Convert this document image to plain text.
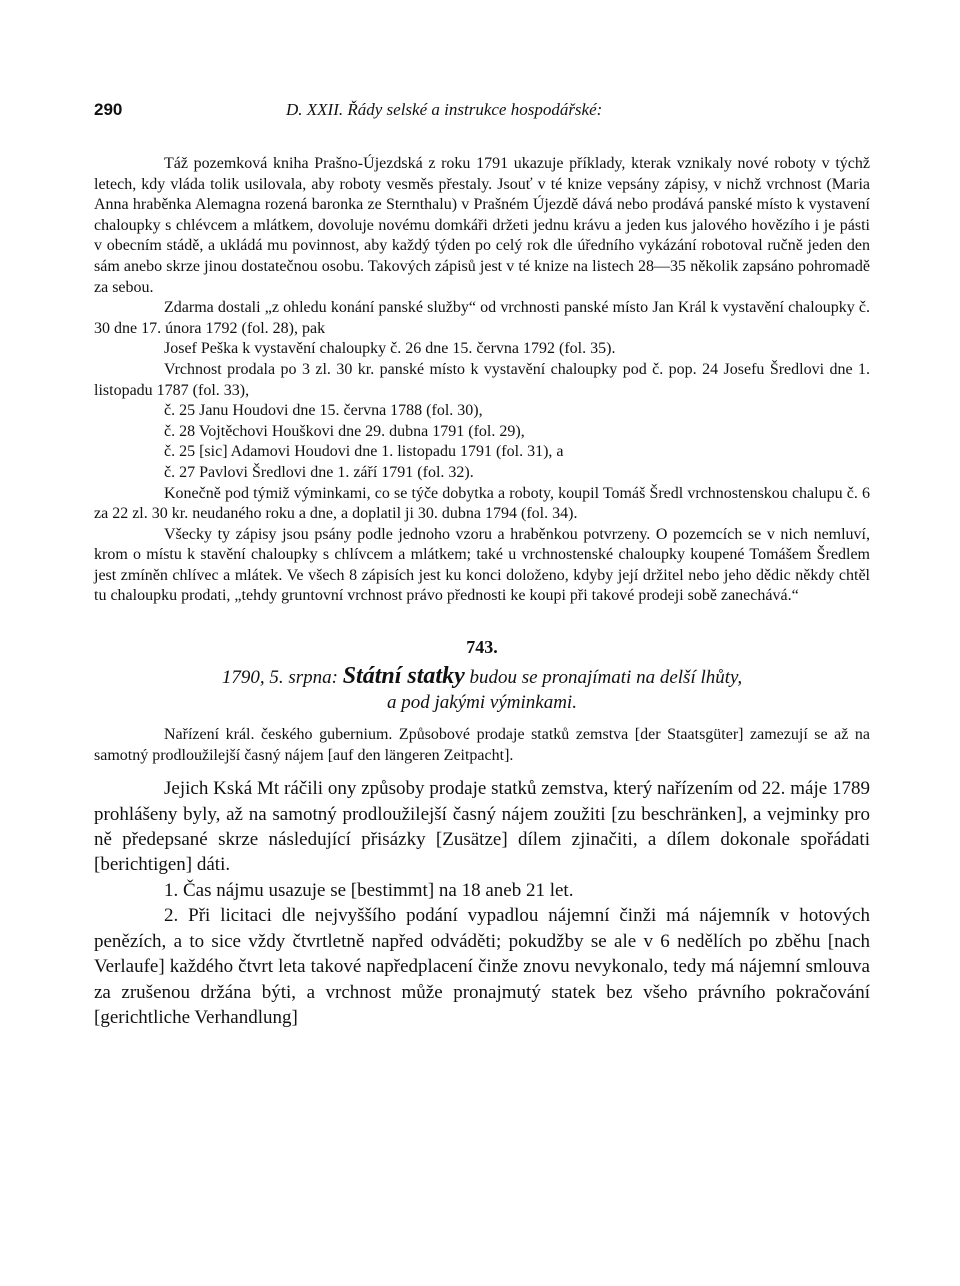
290	D. XXII. Řády selské a instrukce hospodářské:

Táž pozemková kniha Prašno-Újezdská z roku 1791 ukazuje příklady, kterak vznikaly nové roboty v týchž letech, kdy vláda tolik usilovala, aby roboty vesměs přestaly. Jsouť v té knize vepsány zápisy, v nichž vrchnost (Maria Anna hraběnka Alemagna rozená baronka ze Sternthalu) v Prašném Újezdě dává nebo prodává panské místo k vystavení chaloupky s chlévcem a mlátkem, dovoluje novému domkáři držeti jednu krávu a jeden kus jalového hovězího i je pásti v obecním stádě, a ukládá mu povinnost, aby každý týden po celý rok dle úředního vykázání robotoval ručně jeden den sám anebo skrze jinou dostatečnou osobu. Takových zápisů jest v té knize na listech 28—35 několik zapsáno pohromadě za sebou.

Zdarma dostali „z ohledu konání panské služby“ od vrchnosti panské místo Jan Král k vystavění chaloupky č. 30 dne 17. února 1792 (fol. 28), pak

Josef Peška k vystavění chaloupky č. 26 dne 15. června 1792 (fol. 35).

Vrchnost prodala po 3 zl. 30 kr. panské místo k vystavění chaloupky pod č. pop. 24 Josefu Šredlovi dne 1. listopadu 1787 (fol. 33),

č. 25 Janu Houdovi dne 15. června 1788 (fol. 30),

č. 28 Vojtěchovi Houškovi dne 29. dubna 1791 (fol. 29),

č. 25 [sic] Adamovi Houdovi dne 1. listopadu 1791 (fol. 31), a

č. 27 Pavlovi Šredlovi dne 1. září 1791 (fol. 32).

Konečně pod týmiž výminkami, co se týče dobytka a roboty, koupil Tomáš Šredl vrchnostenskou chalupu č. 6 za 22 zl. 30 kr. neudaného roku a dne, a doplatil ji 30. dubna 1794 (fol. 34).

Všecky ty zápisy jsou psány podle jednoho vzoru a hraběnkou potvrzeny. O pozemcích se v nich nemluví, krom o místu k stavění chaloupky s chlívcem a mlátkem; také u vrchnostenské chaloupky koupené Tomášem Šredlem jest zmíněn chlívec a mlátek. Ve všech 8 zápisích jest ku konci doloženo, kdyby její držitel nebo jeho dědic někdy chtěl tu chaloupku prodati, „tehdy gruntovní vrchnost právo přednosti ke koupi při takové prodeji sobě zanechává.“

743.
1790, 5. srpna: Státní statky budou se pronajímati na delší lhůty,
a pod jakými výminkami.

Nařízení král. českého gubernium. Způsobové prodaje statků zemstva [der Staatsgüter] zamezují se až na samotný prodloužilejší časný nájem [auf den längeren Zeitpacht].

Jejich Kská Mt ráčili ony způsoby prodaje statků zemstva, který nařízením od 22. máje 1789 prohlášeny byly, až na samotný prodloužilejší časný nájem zoužiti [zu beschränken], a vejminky pro ně předepsané skrze následující přisázky [Zusätze] dílem zjinačiti, a dílem dokonale spořádati [berichtigen] dáti.

1. Čas nájmu usazuje se [bestimmt] na 18 aneb 21 let.

2. Při licitaci dle nejvyššího podání vypadlou nájemní činži má nájemník v hotových penězích, a to sice vždy čtvrtletně napřed odváděti; pokudžby se ale v 6 nedělích po zběhu [nach Verlaufe] každého čtvrt leta takové napředplacení činže znovu nevykonalo, tedy má nájemní smlouva za zrušenou držána býti, a vrchnost může pronajmutý statek bez všeho právního pokračování [gerichtliche Verhandlung]
